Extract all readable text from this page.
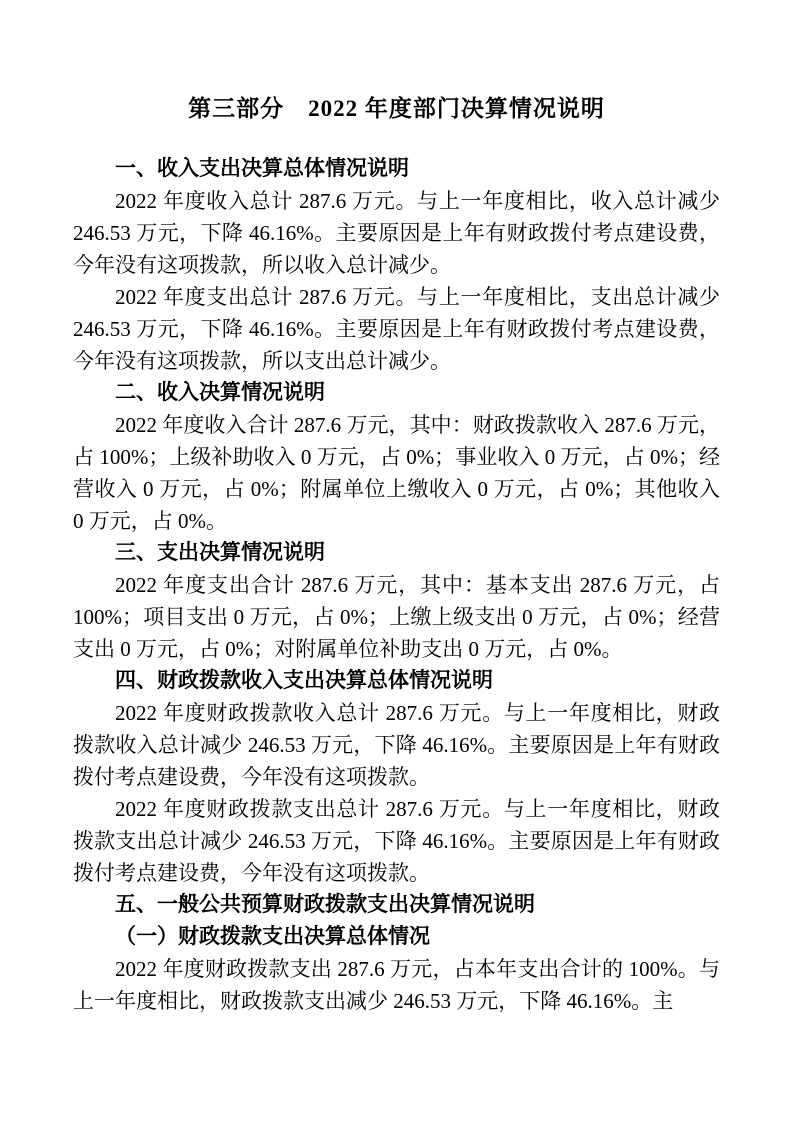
第三部分　2022 年度部门决算情况说明

一、收入支出决算总体情况说明

2022 年度收入总计 287.6 万元。与上一年度相比，收入总计减少 246.53 万元，下降 46.16%。主要原因是上年有财政拨付考点建设费，今年没有这项拨款，所以收入总计减少。

2022 年度支出总计 287.6 万元。与上一年度相比，支出总计减少 246.53 万元，下降 46.16%。主要原因是上年有财政拨付考点建设费，今年没有这项拨款，所以支出总计减少。

二、收入决算情况说明

2022 年度收入合计 287.6 万元，其中：财政拨款收入 287.6 万元，占 100%；上级补助收入 0 万元，占 0%；事业收入 0 万元，占 0%；经营收入 0 万元，占 0%；附属单位上缴收入 0 万元，占 0%；其他收入 0 万元，占 0%。

三、支出决算情况说明

2022 年度支出合计 287.6 万元，其中：基本支出 287.6 万元，占 100%；项目支出 0 万元，占 0%；上缴上级支出 0 万元，占 0%；经营支出 0 万元，占 0%；对附属单位补助支出 0 万元，占 0%。

四、财政拨款收入支出决算总体情况说明

2022 年度财政拨款收入总计 287.6 万元。与上一年度相比，财政拨款收入总计减少 246.53 万元，下降 46.16%。主要原因是上年有财政拨付考点建设费，今年没有这项拨款。

2022 年度财政拨款支出总计 287.6 万元。与上一年度相比，财政拨款支出总计减少 246.53 万元，下降 46.16%。主要原因是上年有财政拨付考点建设费，今年没有这项拨款。

五、一般公共预算财政拨款支出决算情况说明

（一）财政拨款支出决算总体情况

2022 年度财政拨款支出 287.6 万元，占本年支出合计的 100%。与上一年度相比，财政拨款支出减少 246.53 万元，下降 46.16%。主
